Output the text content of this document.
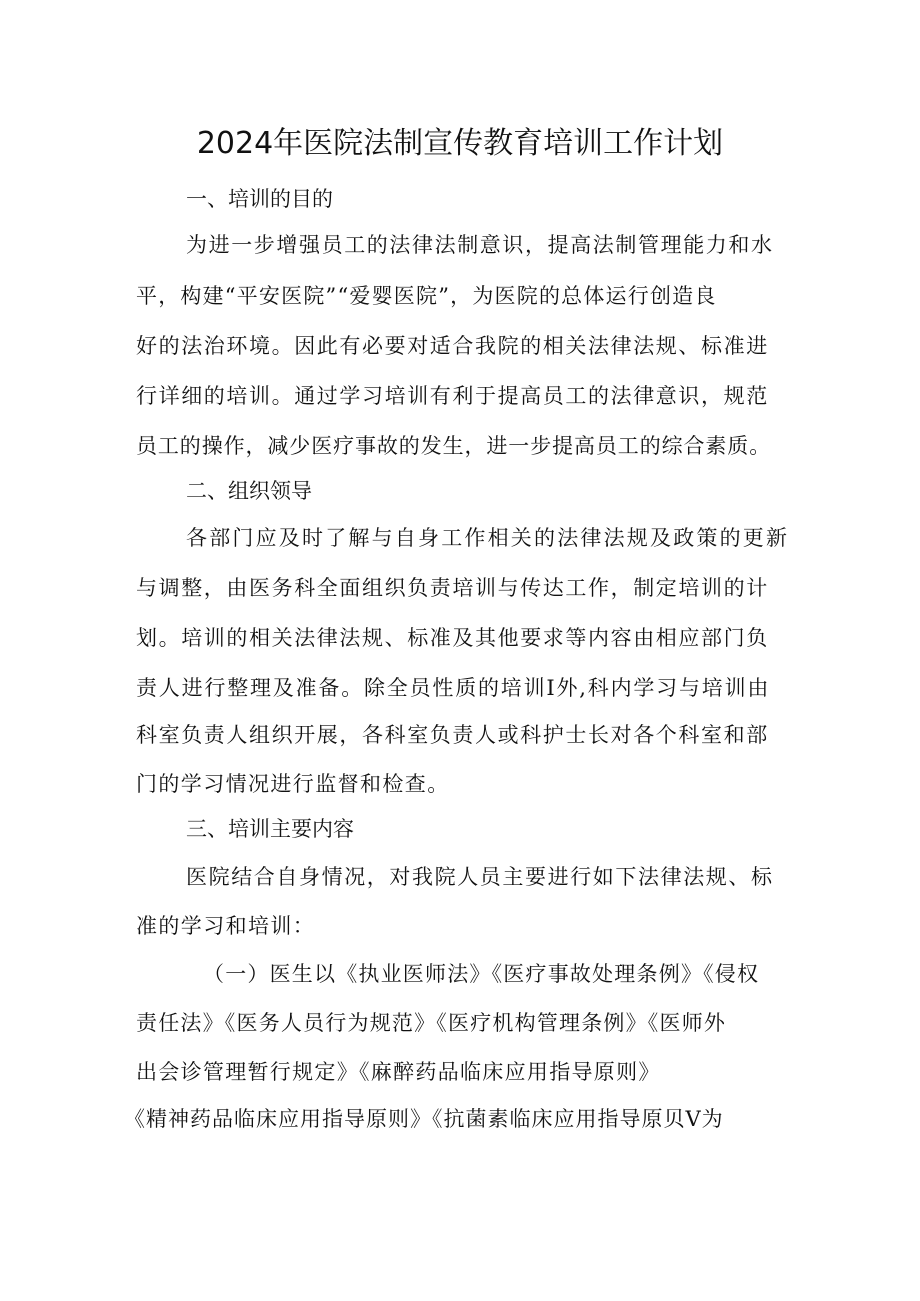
2024年医院法制宣传教育培训工作计划
一、培训的目的
为进一步增强员工的法律法制意识，提高法制管理能力和水
平，构建“平安医院”“爱婴医院”，为医院的总体运行创造良
好的法治环境。因此有必要对适合我院的相关法律法规、标准进
行详细的培训。通过学习培训有利于提高员工的法律意识，规范
员工的操作，减少医疗事故的发生，进一步提高员工的综合素质。
二、组织领导
各部门应及时了解与自身工作相关的法律法规及政策的更新
与调整，由医务科全面组织负责培训与传达工作，制定培训的计
划。培训的相关法律法规、标准及其他要求等内容由相应部门负
责人进行整理及准备。除全员性质的培训I外,科内学习与培训由
科室负责人组织开展，各科室负责人或科护士长对各个科室和部
门的学习情况进行监督和检查。
三、培训主要内容
医院结合自身情况，对我院人员主要进行如下法律法规、标
准的学习和培训：
（一）医生以《执业医师法》《医疗事故处理条例》《侵权
责任法》《医务人员行为规范》《医疗机构管理条例》《医师外
出会诊管理暂行规定》《麻醉药品临床应用指导原则》
《精神药品临床应用指导原则》《抗菌素临床应用指导原贝V为
